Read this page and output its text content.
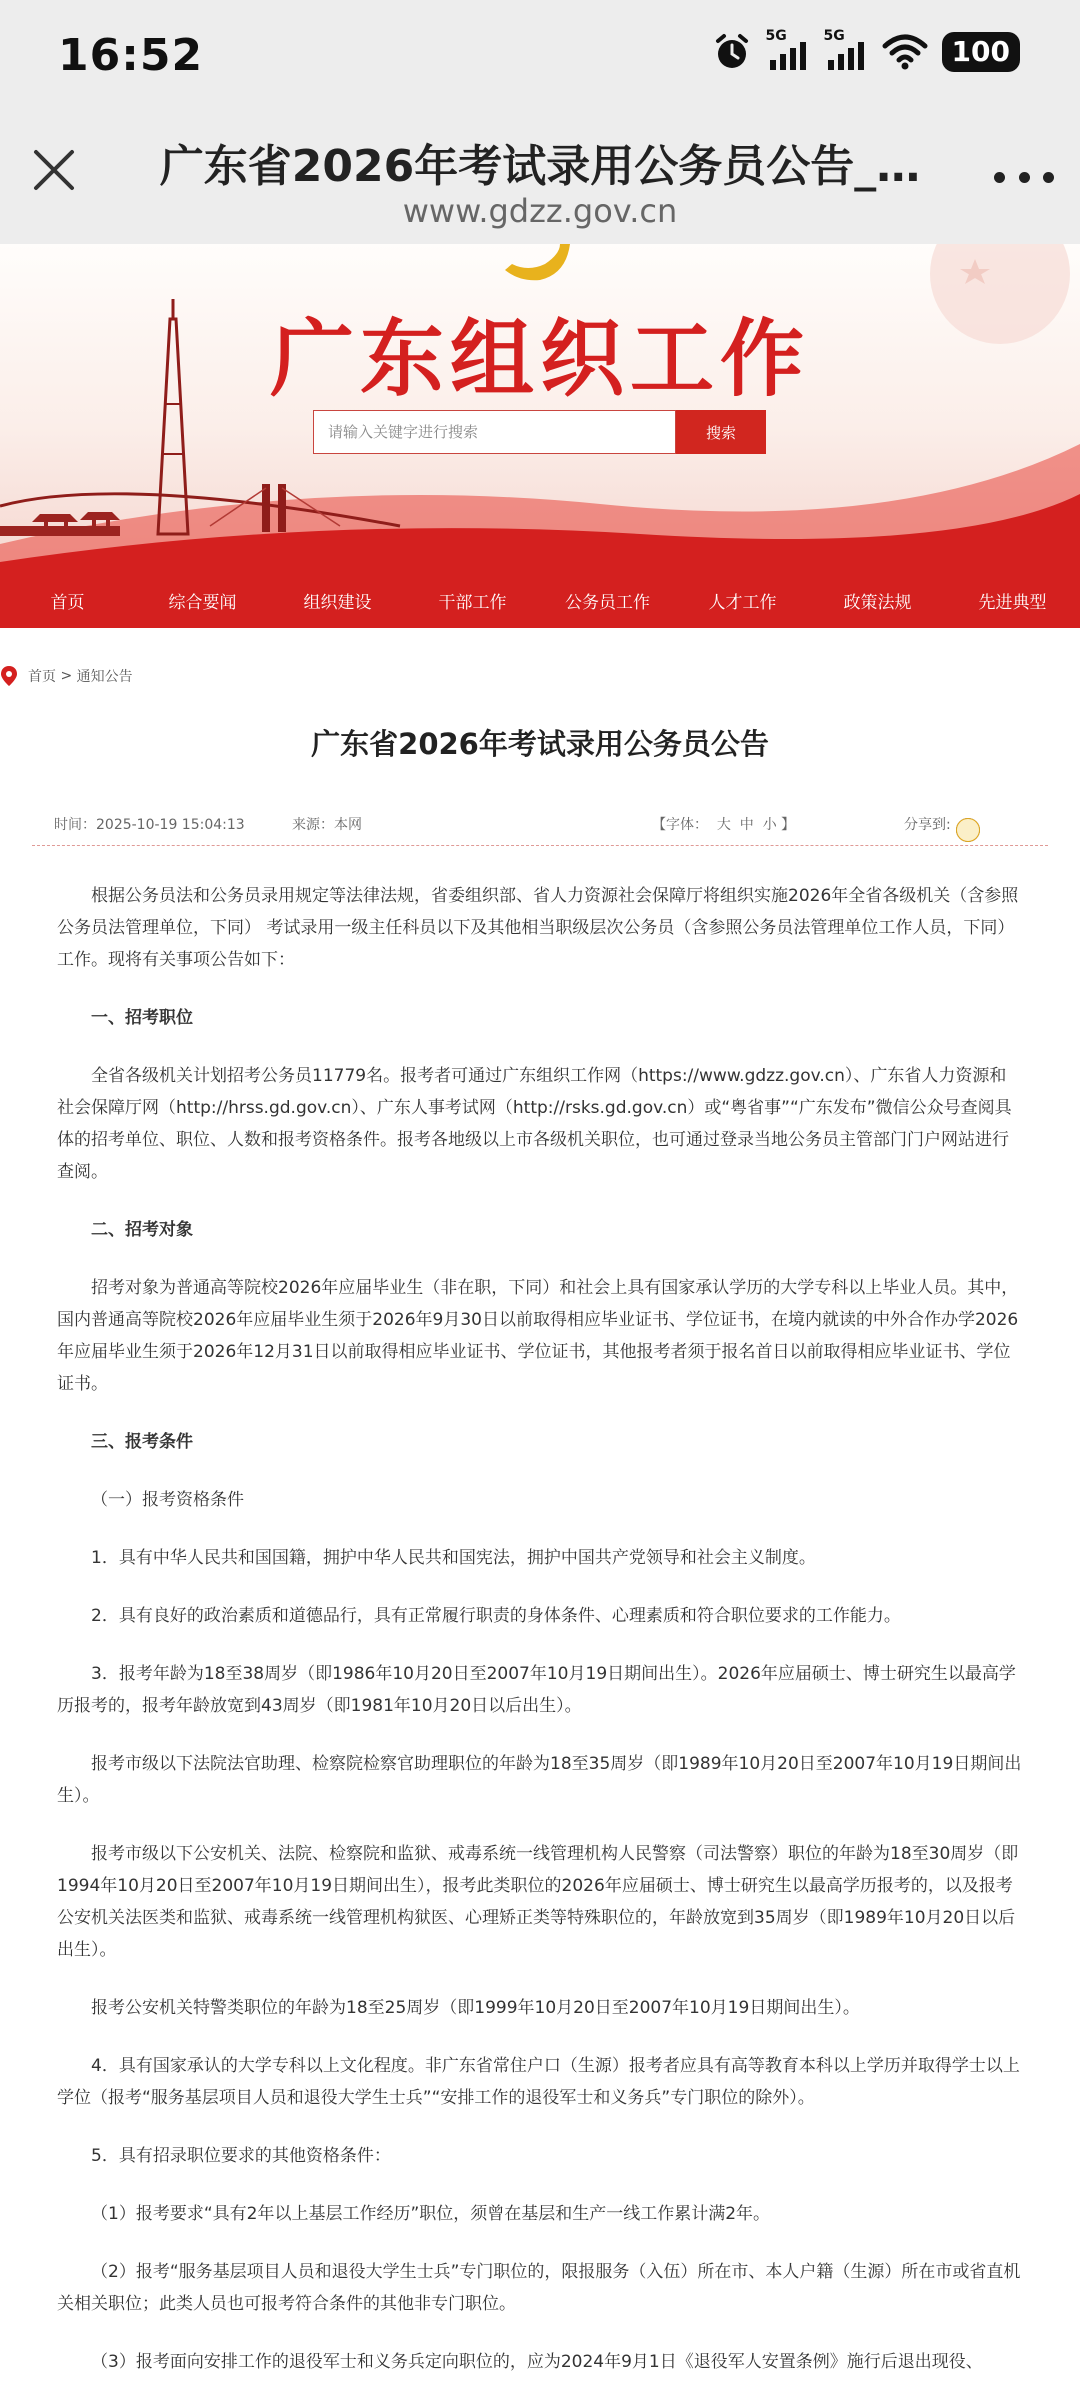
16:52	5G	5G	100
广东省2026年考试录用公务员公告_…
www.gdzz.gov.cn
广东组织工作
请输入关键字进行搜索
搜索
首页	综合要闻	组织建设	干部工作	公务员工作	人才工作	政策法规	先进典型
首页 > 通知公告
广东省2026年考试录用公务员公告
时间：2025-10-19 15:04:13	来源：本网	【字体：  大  中  小 】	分享到:

根据公务员法和公务员录用规定等法律法规，省委组织部、省人力资源社会保障厅将组织实施2026年全省各级机关（含参照公务员法管理单位，下同） 考试录用一级主任科员以下及其他相当职级层次公务员（含参照公务员法管理单位工作人员，下同）工作。现将有关事项公告如下：

一、招考职位

全省各级机关计划招考公务员11779名。报考者可通过广东组织工作网（https://www.gdzz.gov.cn）、广东省人力资源和社会保障厅网（http://hrss.gd.gov.cn）、广东人事考试网（http://rsks.gd.gov.cn）或“粤省事”“广东发布”微信公众号查阅具体的招考单位、职位、人数和报考资格条件。报考各地级以上市各级机关职位，也可通过登录当地公务员主管部门门户网站进行查阅。

二、招考对象

招考对象为普通高等院校2026年应届毕业生（非在职，下同）和社会上具有国家承认学历的大学专科以上毕业人员。其中，国内普通高等院校2026年应届毕业生须于2026年9月30日以前取得相应毕业证书、学位证书，在境内就读的中外合作办学2026年应届毕业生须于2026年12月31日以前取得相应毕业证书、学位证书，其他报考者须于报名首日以前取得相应毕业证书、学位证书。

三、报考条件

（一）报考资格条件

1．具有中华人民共和国国籍，拥护中华人民共和国宪法，拥护中国共产党领导和社会主义制度。

2．具有良好的政治素质和道德品行，具有正常履行职责的身体条件、心理素质和符合职位要求的工作能力。

3．报考年龄为18至38周岁（即1986年10月20日至2007年10月19日期间出生）。2026年应届硕士、博士研究生以最高学历报考的，报考年龄放宽到43周岁（即1981年10月20日以后出生）。

报考市级以下法院法官助理、检察院检察官助理职位的年龄为18至35周岁（即1989年10月20日至2007年10月19日期间出生）。

报考市级以下公安机关、法院、检察院和监狱、戒毒系统一线管理机构人民警察（司法警察）职位的年龄为18至30周岁（即1994年10月20日至2007年10月19日期间出生），报考此类职位的2026年应届硕士、博士研究生以最高学历报考的，以及报考公安机关法医类和监狱、戒毒系统一线管理机构狱医、心理矫正类等特殊职位的，年龄放宽到35周岁（即1989年10月20日以后出生）。

报考公安机关特警类职位的年龄为18至25周岁（即1999年10月20日至2007年10月19日期间出生）。

4．具有国家承认的大学专科以上文化程度。非广东省常住户口（生源）报考者应具有高等教育本科以上学历并取得学士以上学位（报考“服务基层项目人员和退役大学生士兵”“安排工作的退役军士和义务兵”专门职位的除外）。

5．具有招录职位要求的其他资格条件：

（1）报考要求“具有2年以上基层工作经历”职位，须曾在基层和生产一线工作累计满2年。

（2）报考“服务基层项目人员和退役大学生士兵”专门职位的，限报服务（入伍）所在市、本人户籍（生源）所在市或省直机关相关职位；此类人员也可报考符合条件的其他非专门职位。

（3）报考面向安排工作的退役军士和义务兵定向职位的，应为2024年9月1日《退役军人安置条例》施行后退出现役、
